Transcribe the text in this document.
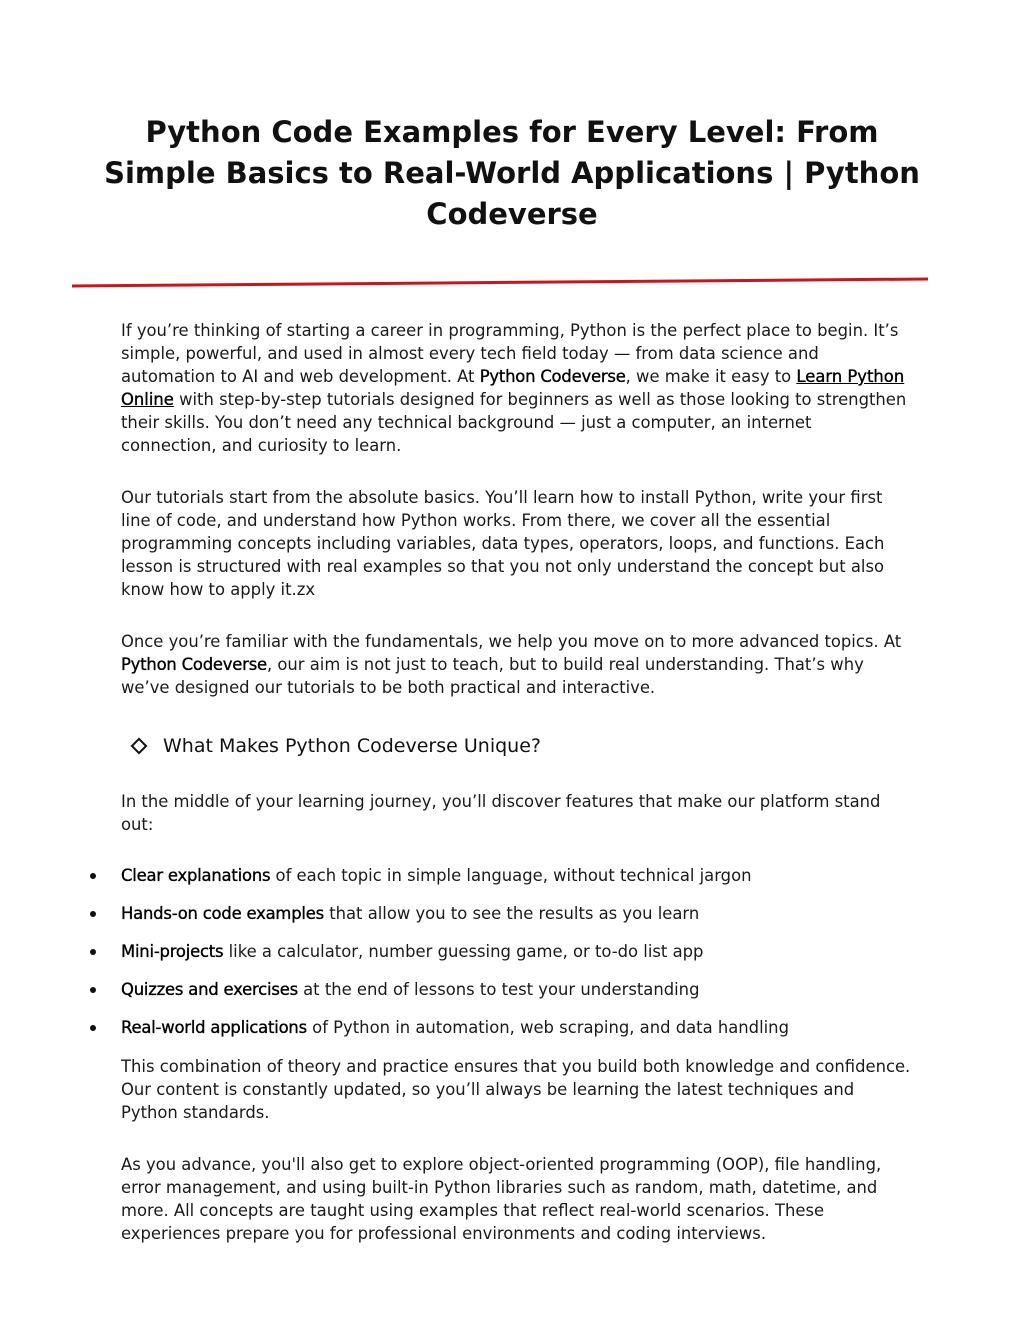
Python Code Examples for Every Level: From Simple Basics to Real-World Applications | Python Codeverse

If you’re thinking of starting a career in programming, Python is the perfect place to begin. It’s simple, powerful, and used in almost every tech field today — from data science and automation to AI and web development. At Python Codeverse, we make it easy to Learn Python Online with step-by-step tutorials designed for beginners as well as those looking to strengthen their skills. You don’t need any technical background — just a computer, an internet connection, and curiosity to learn.

Our tutorials start from the absolute basics. You’ll learn how to install Python, write your first line of code, and understand how Python works. From there, we cover all the essential programming concepts including variables, data types, operators, loops, and functions. Each lesson is structured with real examples so that you not only understand the concept but also know how to apply it.zx

Once you’re familiar with the fundamentals, we help you move on to more advanced topics. At Python Codeverse, our aim is not just to teach, but to build real understanding. That’s why we’ve designed our tutorials to be both practical and interactive.

What Makes Python Codeverse Unique?

In the middle of your learning journey, you’ll discover features that make our platform stand out:

Clear explanations of each topic in simple language, without technical jargon
Hands-on code examples that allow you to see the results as you learn
Mini-projects like a calculator, number guessing game, or to-do list app
Quizzes and exercises at the end of lessons to test your understanding
Real-world applications of Python in automation, web scraping, and data handling

This combination of theory and practice ensures that you build both knowledge and confidence. Our content is constantly updated, so you’ll always be learning the latest techniques and Python standards.

As you advance, you'll also get to explore object-oriented programming (OOP), file handling, error management, and using built-in Python libraries such as random, math, datetime, and more. All concepts are taught using examples that reflect real-world scenarios. These experiences prepare you for professional environments and coding interviews.
